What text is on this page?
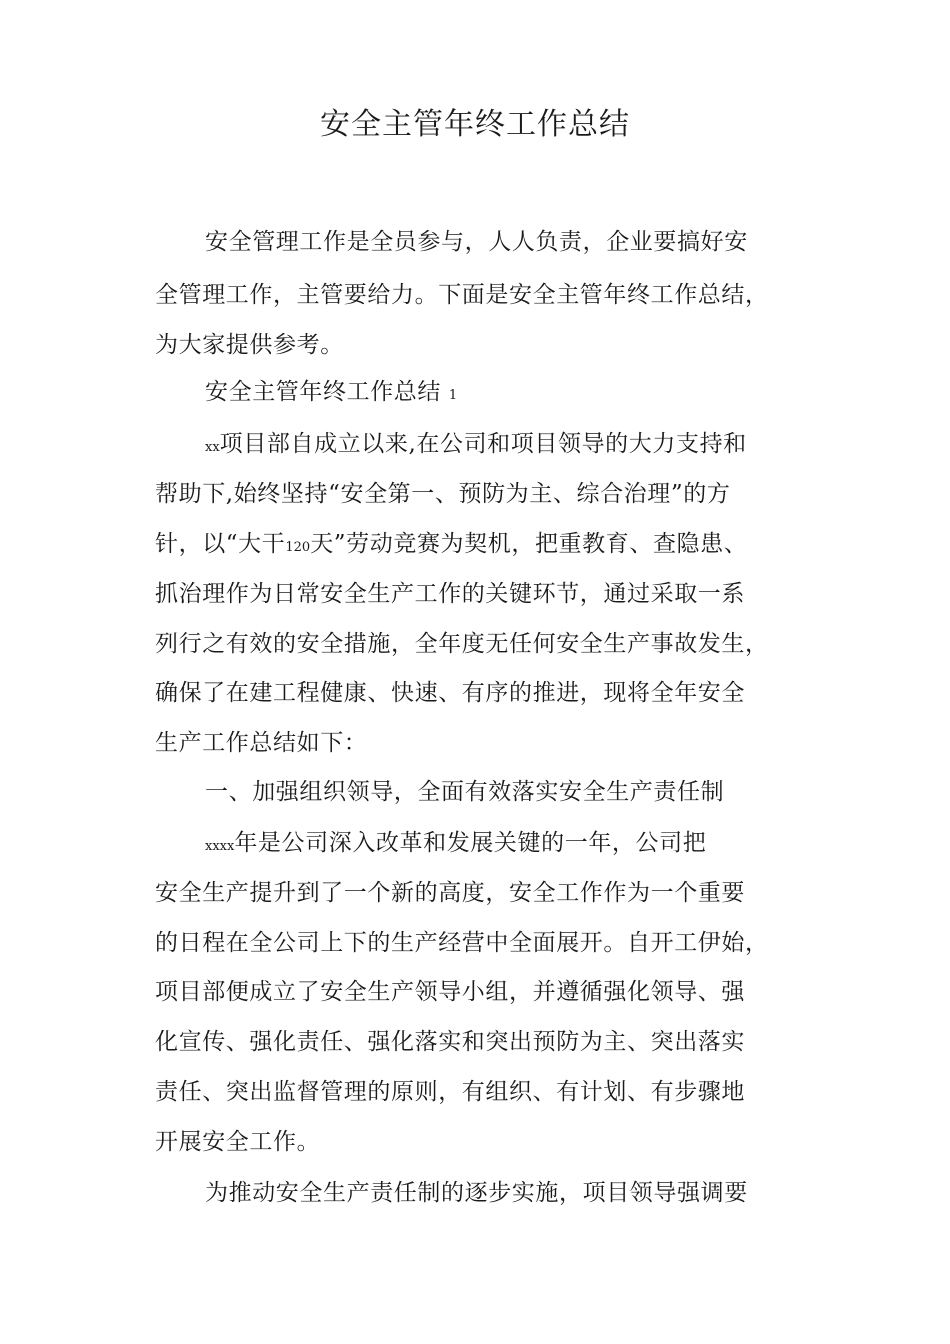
安全主管年终工作总结
安全管理工作是全员参与，人人负责，企业要搞好安
全管理工作，主管要给力。下面是安全主管年终工作总结，
为大家提供参考。
安全主管年终工作总结 1
xx项目部自成立以来,在公司和项目领导的大力支持和
帮助下,始终坚持“安全第一、预防为主、综合治理”的方
针，以“大干120天”劳动竞赛为契机，把重教育、查隐患、
抓治理作为日常安全生产工作的关键环节，通过采取一系
列行之有效的安全措施，全年度无任何安全生产事故发生，
确保了在建工程健康、快速、有序的推进，现将全年安全
生产工作总结如下：
一、加强组织领导，全面有效落实安全生产责任制
xxxx年是公司深入改革和发展关键的一年，公司把
安全生产提升到了一个新的高度，安全工作作为一个重要
的日程在全公司上下的生产经营中全面展开。自开工伊始，
项目部便成立了安全生产领导小组，并遵循强化领导、强
化宣传、强化责任、强化落实和突出预防为主、突出落实
责任、突出监督管理的原则，有组织、有计划、有步骤地
开展安全工作。
为推动安全生产责任制的逐步实施，项目领导强调要
